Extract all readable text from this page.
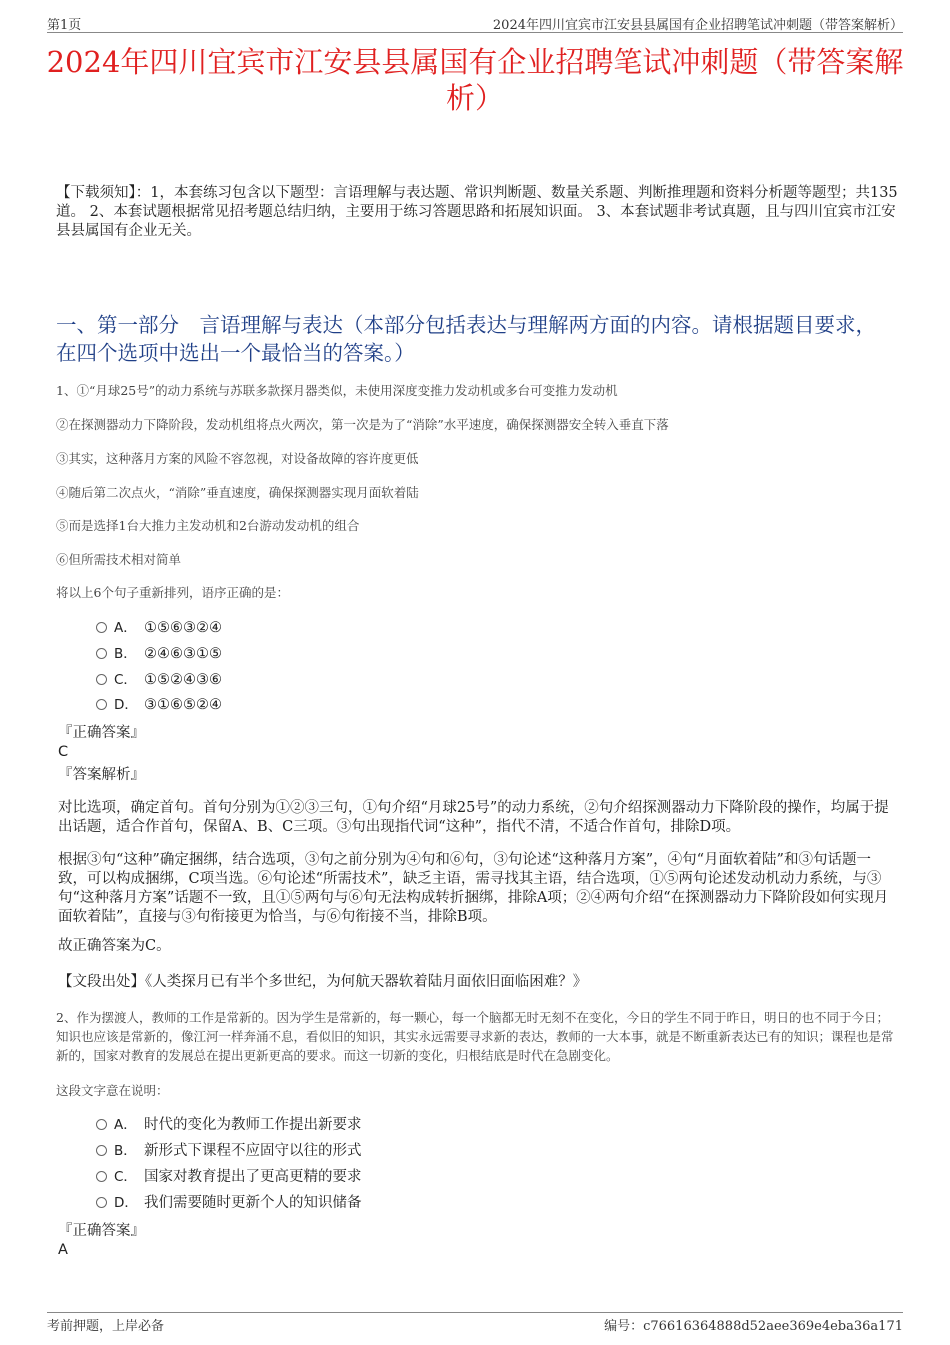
第1页	2024年四川宜宾市江安县县属国有企业招聘笔试冲刺题（带答案解析）
2024年四川宜宾市江安县县属国有企业招聘笔试冲刺题（带答案解析）
【下载须知】：1，本套练习包含以下题型：言语理解与表达题、常识判断题、数量关系题、判断推理题和资料分析题等题型；共135道。 2、本套试题根据常见招考题总结归纳，主要用于练习答题思路和拓展知识面。 3、本套试题非考试真题，且与四川宜宾市江安县县属国有企业无关。
一、第一部分　言语理解与表达（本部分包括表达与理解两方面的内容。请根据题目要求，在四个选项中选出一个最恰当的答案。）
1、①“月球25号”的动力系统与苏联多款探月器类似，未使用深度变推力发动机或多台可变推力发动机
②在探测器动力下降阶段，发动机组将点火两次，第一次是为了“消除”水平速度，确保探测器安全转入垂直下落
③其实，这种落月方案的风险不容忽视，对设备故障的容许度更低
④随后第二次点火，“消除”垂直速度，确保探测器实现月面软着陆
⑤而是选择1台大推力主发动机和2台游动发动机的组合
⑥但所需技术相对简单
将以上6个句子重新排列，语序正确的是：
A． ①⑤⑥③②④
B． ②④⑥③①⑤
C． ①⑤②④③⑥
D． ③①⑥⑤②④
『正确答案』
C
『答案解析』
对比选项，确定首句。首句分别为①②③三句，①句介绍“月球25号”的动力系统，②句介绍探测器动力下降阶段的操作，均属于提出话题，适合作首句，保留A、B、C三项。③句出现指代词“这种”，指代不清，不适合作首句，排除D项。
根据③句“这种”确定捆绑，结合选项，③句之前分别为④句和⑥句，③句论述“这种落月方案”，④句“月面软着陆”和③句话题一致，可以构成捆绑，C项当选。⑥句论述“所需技术”，缺乏主语，需寻找其主语，结合选项，①⑤两句论述发动机动力系统，与③句“这种落月方案”话题不一致，且①⑤两句与⑥句无法构成转折捆绑，排除A项；②④两句介绍“在探测器动力下降阶段如何实现月面软着陆”，直接与③句衔接更为恰当，与⑥句衔接不当，排除B项。
故正确答案为C。
【文段出处】《人类探月已有半个多世纪，为何航天器软着陆月面依旧面临困难？》
2、作为摆渡人，教师的工作是常新的。因为学生是常新的，每一颗心，每一个脑都无时无刻不在变化，今日的学生不同于昨日，明日的也不同于今日；知识也应该是常新的，像江河一样奔涌不息，看似旧的知识，其实永远需要寻求新的表达，教师的一大本事，就是不断重新表达已有的知识；课程也是常新的，国家对教育的发展总在提出更新更高的要求。而这一切新的变化，归根结底是时代在急剧变化。
这段文字意在说明：
A． 时代的变化为教师工作提出新要求
B． 新形式下课程不应固守以往的形式
C． 国家对教育提出了更高更精的要求
D． 我们需要随时更新个人的知识储备
『正确答案』
A
考前押题，上岸必备	编号：c76616364888d52aee369e4eba36a171
